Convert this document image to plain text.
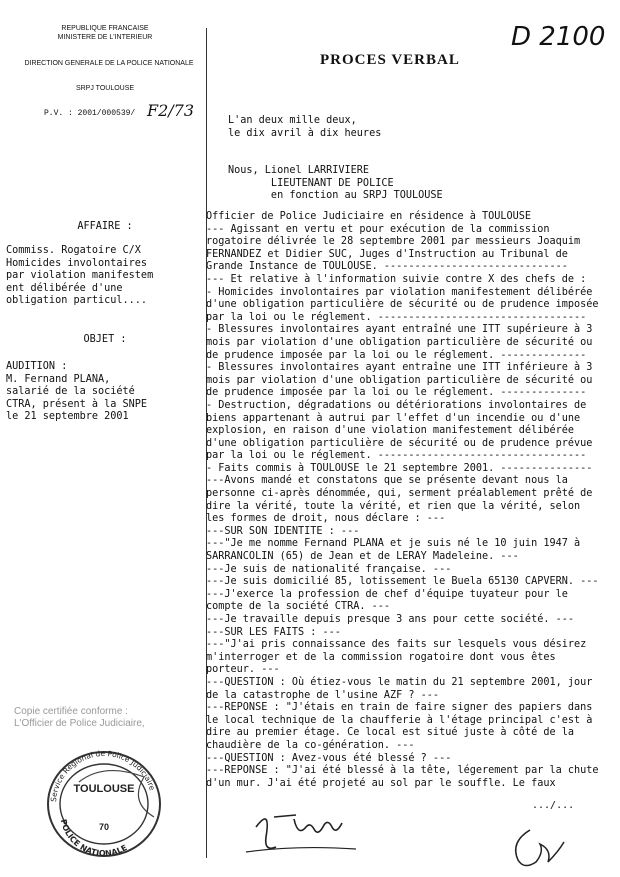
REPUBLIQUE FRANCAISE
MINISTERE DE L'INTERIEUR
DIRECTION GENERALE DE LA POLICE NATIONALE
SRPJ TOULOUSE
P.V. : 2001/000539/ F2/73
D 2100
PROCES VERBAL
AFFAIRE :
Commiss. Rogatoire C/X
Homicides involontaires
par violation manifestem
ent délibérée d'une
obligation particul....
OBJET :
AUDITION :
M. Fernand PLANA,
salarié de la société
CTRA, présent à la SNPE
le 21 septembre 2001
L'an deux mille deux,
le dix avril à dix heures
Nous, Lionel LARRIVIERE
LIEUTENANT DE POLICE
en fonction au SRPJ TOULOUSE
Officier de Police Judiciaire en résidence à TOULOUSE
--- Agissant en vertu et pour exécution de la commission
rogatoire délivrée le 28 septembre 2001 par messieurs Joaquim
FERNANDEZ et Didier SUC, Juges d'Instruction au Tribunal de
Grande Instance de TOULOUSE. ------------------------------
--- Et relative à l'information suivie contre X des chefs de :
- Homicides involontaires par violation manifestement délibérée
d'une obligation particulière de sécurité ou de prudence imposée
par la loi ou le réglement. ----------------------------------
- Blessures involontaires ayant entraîné une ITT supérieure à 3
mois par violation d'une obligation particulière de sécurité ou
de prudence imposée par la loi ou le réglement. --------------
- Blessures involontaires ayant entraîne une ITT inférieure à 3
mois par violation d'une obligation particulière de sécurité ou
de prudence imposée par la loi ou le réglement. --------------
- Destruction, dégradations ou détériorations involontaires de
biens appartenant à autrui par l'effet d'un incendie ou d'une
explosion, en raison d'une violation manifestement délibérée
d'une obligation particulière de sécurité ou de prudence prévue
par la loi ou le réglement. ----------------------------------
- Faits commis à TOULOUSE le 21 septembre 2001. ---------------
---Avons mandé et constatons que se présente devant nous la
personne ci-après dénommée, qui, serment préalablement prêté de
dire la vérité, toute la vérité, et rien que la vérité, selon
les formes de droit, nous déclare : ---
---SUR SON IDENTITE : ---
---"Je me nomme Fernand PLANA et je suis né le 10 juin 1947 à
SARRANCOLIN (65) de Jean et de LERAY Madeleine. ---
---Je suis de nationalité française. ---
---Je suis domicilié 85, lotissement le Buela 65130 CAPVERN. ---
---J'exerce la profession de chef d'équipe tuyateur pour le
compte de la société CTRA. ---
---Je travaille depuis presque 3 ans pour cette société. ---
---SUR LES FAITS : ---
---"J'ai pris connaissance des faits sur lesquels vous désirez
m'interroger et de la commission rogatoire dont vous êtes
porteur. ---
---QUESTION : Où étiez-vous le matin du 21 septembre 2001, jour
de la catastrophe de l'usine AZF ? ---
---REPONSE : "J'étais en train de faire signer des papiers dans
le local technique de la chaufferie à l'étage principal c'est à
dire au premier étage. Ce local est situé juste à côté de la
chaudière de la co-génération. ---
---QUESTION : Avez-vous été blessé ? ---
---REPONSE : "J'ai été blessé à la tête, légerement par la chute
d'un mur. J'ai été projeté au sol par le souffle. Le faux
Copie certifiée conforme :
L'Officier de Police Judiciaire,
Service Régional de Police Judiciaire
TOULOUSE
70
POLICE NATIONALE
.../...
